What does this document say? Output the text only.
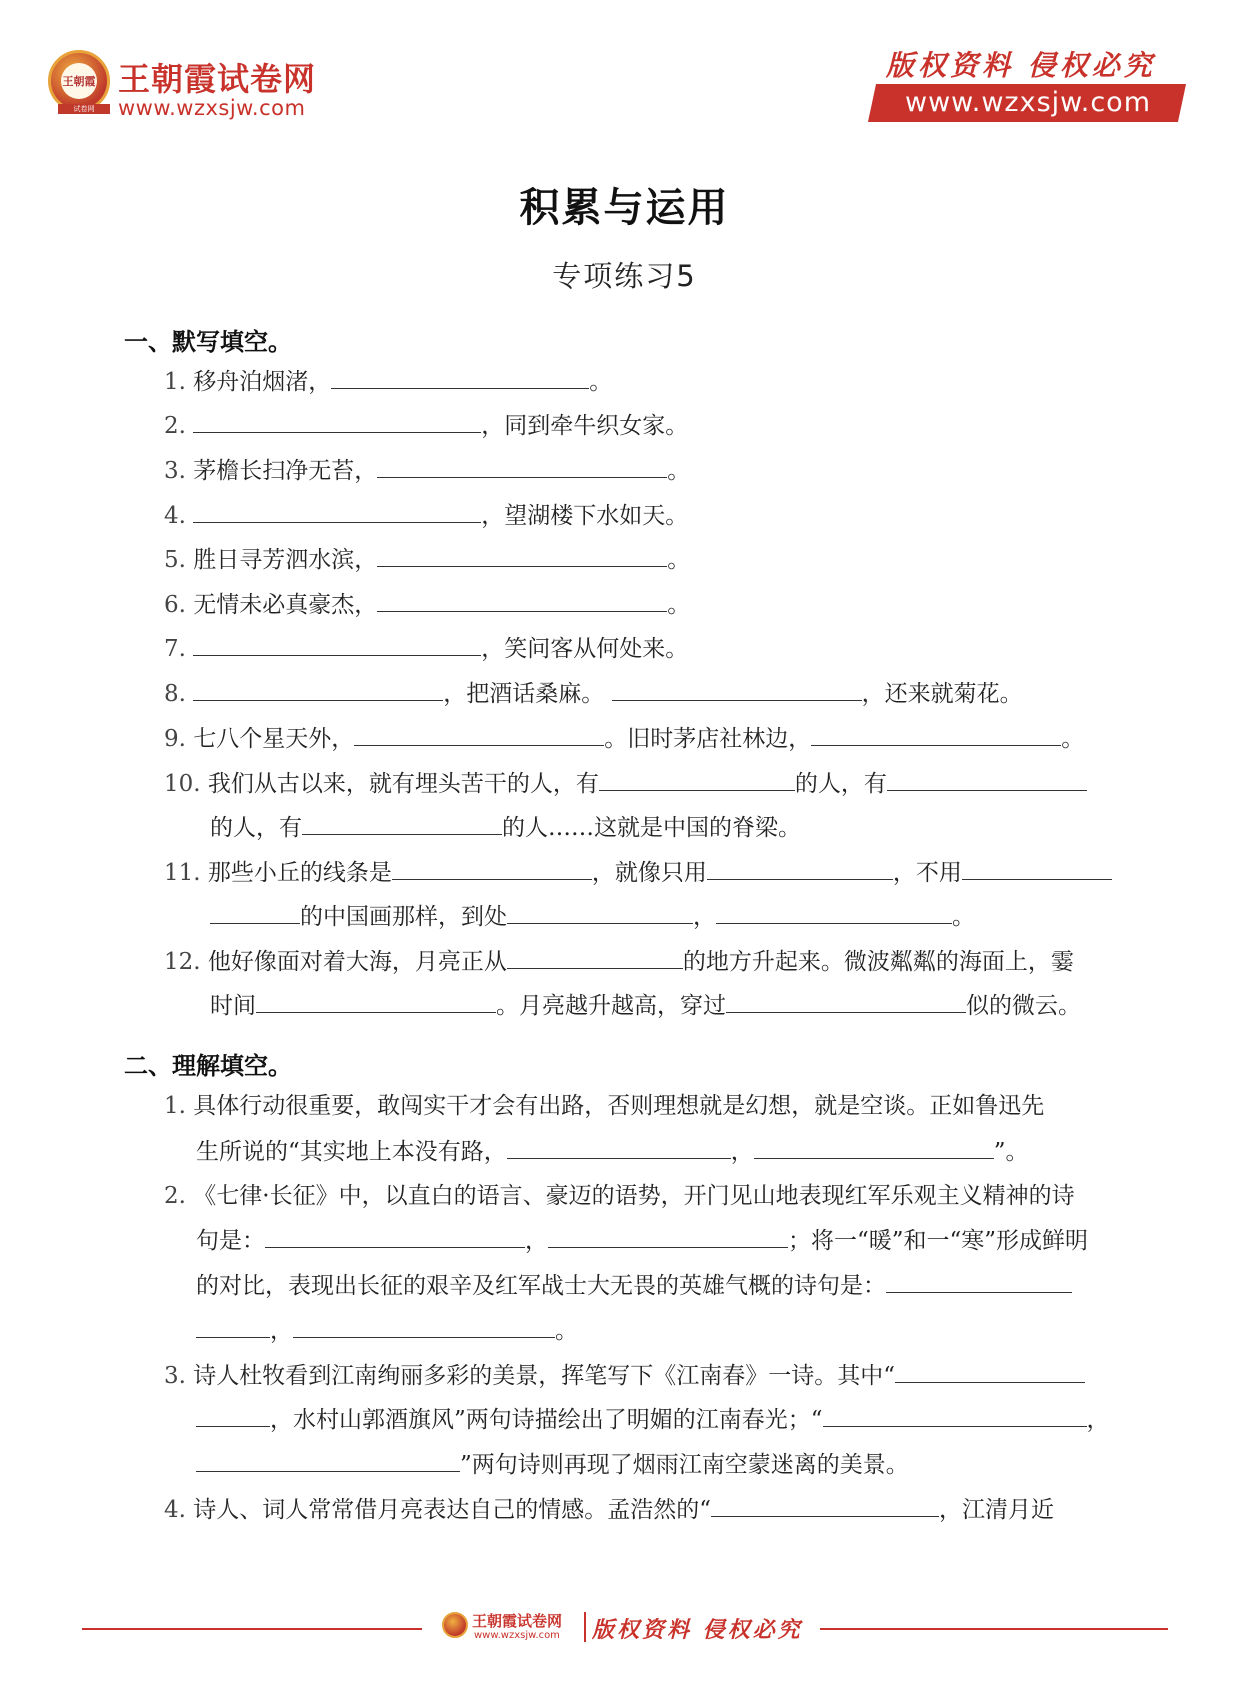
王朝霞
试卷网
王朝霞试卷网
www.wzxsjw.com
版权资料 侵权必究
www.wzxsjw.com
积累与运用
专项练习5
一、默写填空。
1. 移舟泊烟渚，	。
2.	，同到牵牛织女家。
3. 茅檐长扫净无苔，	。
4.	，望湖楼下水如天。
5. 胜日寻芳泗水滨，	。
6. 无情未必真豪杰，	。
7.	，笑问客从何处来。
8.	，把酒话桑麻。	，还来就菊花。
9. 七八个星天外，	。旧时茅店社林边，	。
10. 我们从古以来，就有埋头苦干的人，有	的人，有
的人，有	的人……这就是中国的脊梁。
11. 那些小丘的线条是	，就像只用	，不用
的中国画那样，到处	，	。
12. 他好像面对着大海，月亮正从	的地方升起来。微波粼粼的海面上，霎
时间	。月亮越升越高，穿过	似的微云。
二、理解填空。
1. 具体行动很重要，敢闯实干才会有出路，否则理想就是幻想，就是空谈。正如鲁迅先
生所说的“其实地上本没有路，	，	”。
2. 《七律·长征》中，以直白的语言、豪迈的语势，开门见山地表现红军乐观主义精神的诗
句是：	，	；将一“暖”和一“寒”形成鲜明
的对比，表现出长征的艰辛及红军战士大无畏的英雄气概的诗句是：
，	。
3. 诗人杜牧看到江南绚丽多彩的美景，挥笔写下《江南春》一诗。其中“
，水村山郭酒旗风”两句诗描绘出了明媚的江南春光；“	，
”两句诗则再现了烟雨江南空蒙迷离的美景。
4. 诗人、词人常常借月亮表达自己的情感。孟浩然的“	，江清月近
王朝霞试卷网
www.wzxsjw.com 版权资料 侵权必究
